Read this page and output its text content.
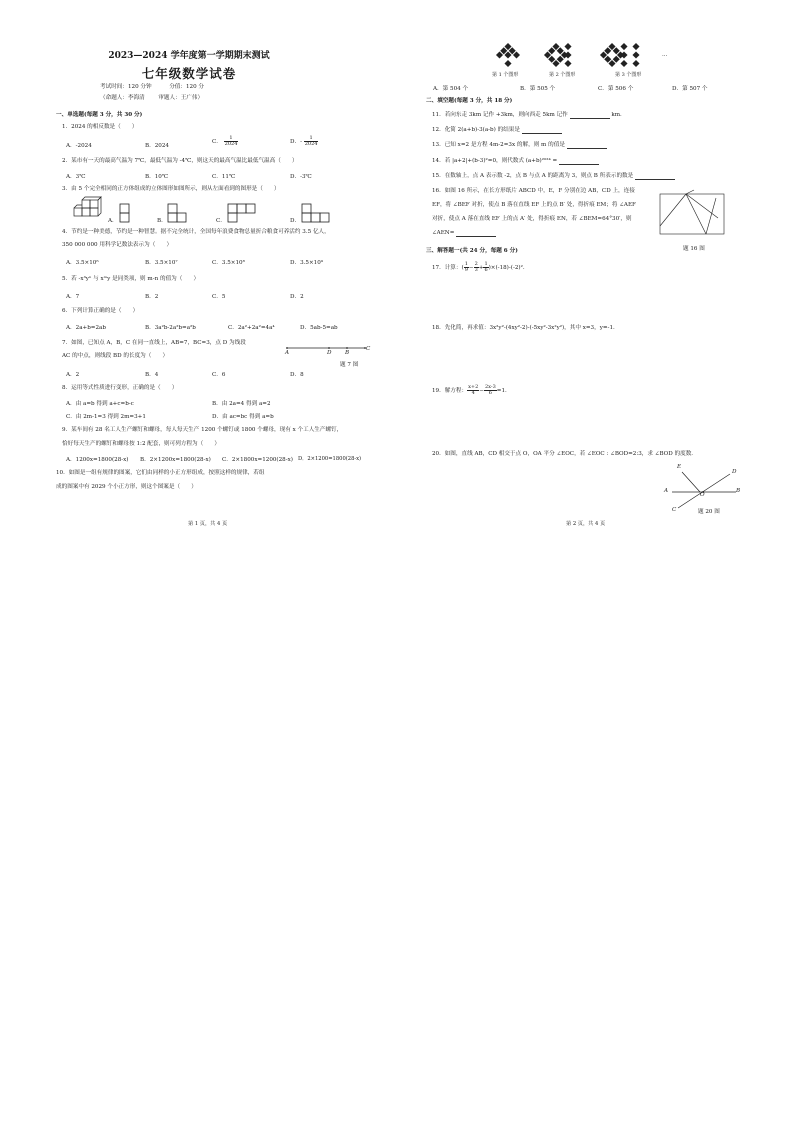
2023—2024 学年度第一学期期末测试
七年级数学试卷
考试时间：120 分钟	分值：120 分
（命题人：李海清 审题人：王广伟）
一、单选题(每题 3 分，共 30 分)
1．2024 的相反数是（　　）
A．-2024	B．2024
C． $\frac{1}{2024}$	D．- $\frac{1}{2024}$
2．某市有一天的最高气温为 7℃，最低气温为 -4℃，则这天的最高气温比最低气温高（　　）
A．3℃	B．10℃	C．11℃	D．-3℃
3．由 5 个完全相同的正方体组成的立体图形如图所示，则从左面看到的图形是（　　）
A．	B．	C．	D．
4．节约是一种美德，节约是一种智慧。据不完全统计，全国每年浪费食物总量折合粮食可养活约 3.5 亿人，
350 000 000 用科学记数法表示为（　　）
A．3.5×10⁶	B．3.5×10⁷	C．3.5×10⁸	D．3.5×10⁹
5．若 -x³yⁿ 与 xᵐy 是同类项，则 m-n 的值为（　　）
A．7	B．2	C．5	D．2
6．下列计算正确的是（　　）
A．2a+b=2ab	B．3a²b-2a²b=a²b	C．2a²+2a²=4a⁴	D．5ab-5=ab
7．如图，已知点 A，B，C 在同一直线上，AB=7，BC=3，点 D 为线段
AC 的中点，则线段 BD 的长度为（　　）	A	D B
C
题 7 图
A．2	B．4	C．6	D．8
8．运用等式性质进行变形，正确的是（　　）
A．由 a=b 得到 a+c=b-c	B．由 2a=4 得到 a=2
C．由 2m-1=3 得到 2m=3+1	D．由 ac=bc 得到 a=b
9．某车间有 28 名工人生产螺钉和螺母，每人每天生产 1200 个螺钉或 1800 个螺母，现有 x 个工人生产螺钉，
恰好每天生产的螺钉和螺母按 1:2 配套，则可列方程为（　　）
A．1200x=1800(28-x) B．2×1200x=1800(28-x) C．2×1800x=1200(28-x) D．2×1200=1800(28-x)
10．如图是一组有规律的图案，它们由同样的小正方形组成，按照这样的规律，若组
成的图案中有 2029 个小正方形，则这个图案是（　　）
第 1 页，共 4 页
第 1 个图形	第 2 个图形	第 3 个图形
...
A．第 504 个	B．第 505 个	C．第 506 个	D．第 507 个
二、填空题(每题 3 分，共 18 分)
11．若向东走 3km 记作 +3km，则向西走 5km 记作	km．
12．化简 2(a+b)-3(a-b) 的结果是
13．已知 x=2 是方程 4m-2=3x 的解，则 m 的值是
14．若 |a+2|+(b-3)²=0，则代数式 (a+b)²⁰²⁴ =
15．在数轴上，点 A 表示数 -2，点 B 与点 A 的距离为 3，则点 B 所表示的数是
16．如图 16 所示，在长方形纸片 ABCD 中，E，F 分别在边 AB，CD 上，连接
EF，将 ∠BEF 对折，使点 B 落在直线 EF 上的点 B′ 处，得折痕 EM；将 ∠AEF
对折，使点 A 落在直线 EF 上的点 A′ 处，得折痕 EN，若 ∠BEM=64°30′，则
∠AEN=
题 16 图
三、解答题一(共 24 分，每题 6 分)
17．计算：( $\frac{1}{9} - \frac{2}{3} + \frac{1}{6} )\times(-18)-(-2)^2$.
18．先化简，再求值：3x²y²-(4xy²-2)-(-5xy²-3x²y²)，其中 x=3，y=-1.
19．解方程： $\frac{x+2}{4} - \frac{2x-3}{6} =1$.
20．如图，直线 AB，CD 相交于点 O，OA 平分 ∠EOC，若 ∠EOC : ∠BOD=2:3，求 ∠BOD 的度数.
E
D
A
O
B
C	题 20 图
第 2 页，共 4 页
